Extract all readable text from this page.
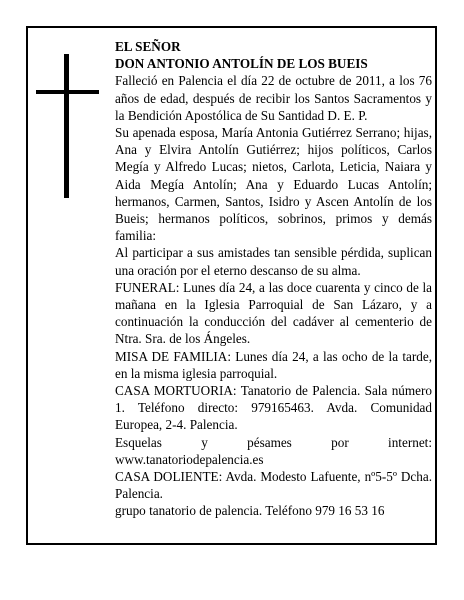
EL SEÑOR

DON ANTONIO ANTOLÍN DE LOS BUEIS

Falleció en Palencia el día 22 de octubre de 2011, a los 76 años de edad, después de recibir los Santos Sacramentos y la Bendición Apostólica de Su Santidad D. E. P.

Su apenada esposa, María Antonia Gutiérrez Serrano; hijas, Ana y Elvira Antolín Gutiérrez; hijos políticos, Carlos Megía y Alfredo Lucas; nietos, Carlota, Leticia, Naiara y Aida Megía Antolín; Ana y Eduardo Lucas Antolín; hermanos, Carmen, Santos, Isidro y Ascen Antolín de los Bueis; hermanos políticos, sobrinos, primos y demás familia:

Al participar a sus amistades tan sensible pérdida, suplican una oración por el eterno descanso de su alma.

FUNERAL: Lunes día 24, a las doce cuarenta y cinco de la mañana en la Iglesia Parroquial de San Lázaro, y a continuación la conducción del cadáver al cementerio de Ntra. Sra. de los Ángeles.

MISA DE FAMILIA: Lunes día 24, a las ocho de la tarde, en la misma iglesia parroquial.

CASA MORTUORIA: Tanatorio de Palencia. Sala número 1. Teléfono directo: 979165463. Avda. Comunidad Europea, 2-4. Palencia.

Esquelas y pésames por internet: www.tanatoriodepalencia.es

CASA DOLIENTE: Avda. Modesto Lafuente, nº5-5º Dcha. Palencia.

grupo tanatorio de palencia. Teléfono 979 16 53 16
